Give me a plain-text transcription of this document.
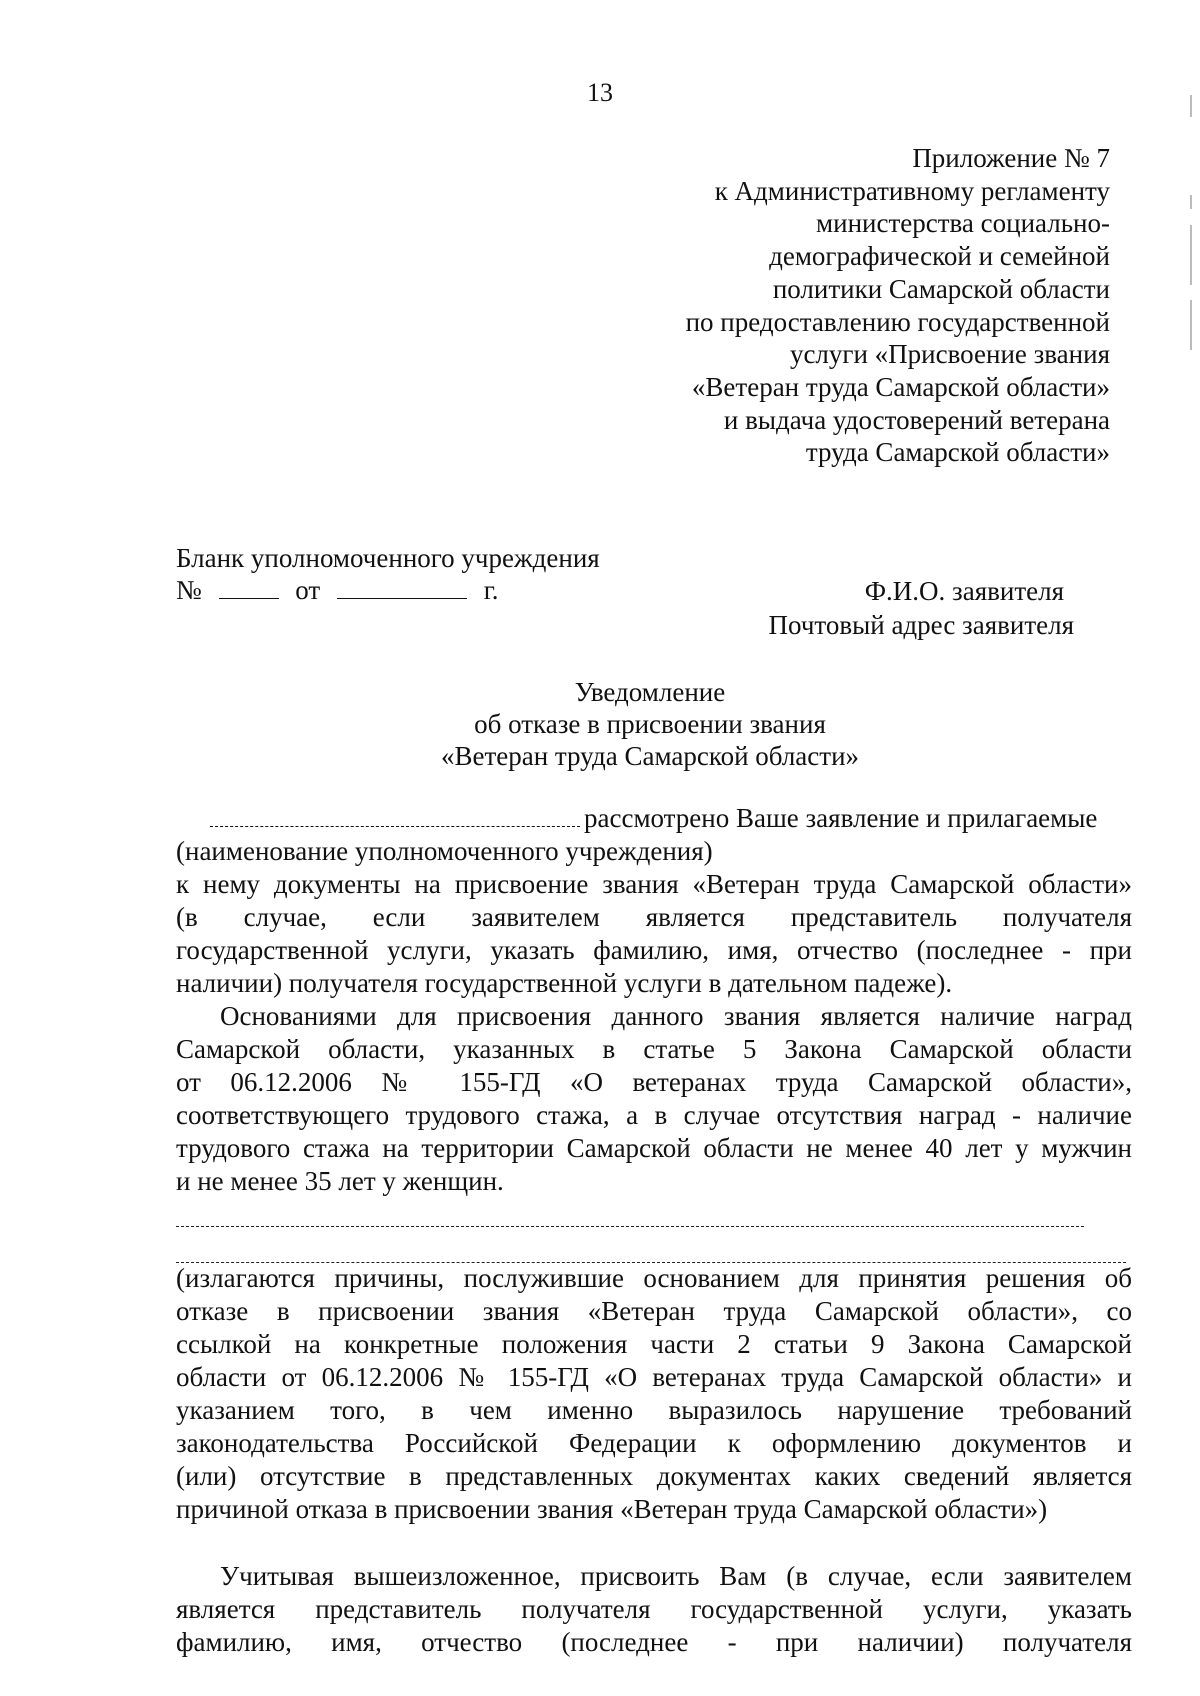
13
Приложение № 7
к Административному регламенту
министерства социально-
демографической и семейной
политики Самарской области
по предоставлению государственной
услуги «Присвоение звания
«Ветеран труда Самарской области»
и выдача удостоверений ветерана
труда Самарской области»
Бланк уполномоченного учреждения
№	от	г.	Ф.И.О. заявителя
Почтовый адрес заявителя
Уведомление
об отказе в присвоении звания
«Ветеран труда Самарской области»
рассмотрено Ваше заявление и прилагаемые
(наименование уполномоченного учреждения)
к нему документы на присвоение звания «Ветеран труда Самарской области»
(в случае, если заявителем является представитель получателя
государственной услуги, указать фамилию, имя, отчество (последнее - при
наличии) получателя государственной услуги в дательном падеже).
Основаниями для присвоения данного звания является наличие наград
Самарской области, указанных в статье 5 Закона Самарской области
от 06.12.2006 № 155-ГД «О ветеранах труда Самарской области»,
соответствующего трудового стажа, а в случае отсутствия наград - наличие
трудового стажа на территории Самарской области не менее 40 лет у мужчин
и не менее 35 лет у женщин.
(излагаются причины, послужившие основанием для принятия решения об
отказе в присвоении звания «Ветеран труда Самарской области», со
ссылкой на конкретные положения части 2 статьи 9 Закона Самарской
области от 06.12.2006 № 155-ГД «О ветеранах труда Самарской области» и
указанием того, в чем именно выразилось нарушение требований
законодательства Российской Федерации к оформлению документов и
(или) отсутствие в представленных документах каких сведений является
причиной отказа в присвоении звания «Ветеран труда Самарской области»)
Учитывая вышеизложенное, присвоить Вам (в случае, если заявителем
является представитель получателя государственной услуги, указать
фамилию, имя, отчество (последнее - при наличии) получателя
